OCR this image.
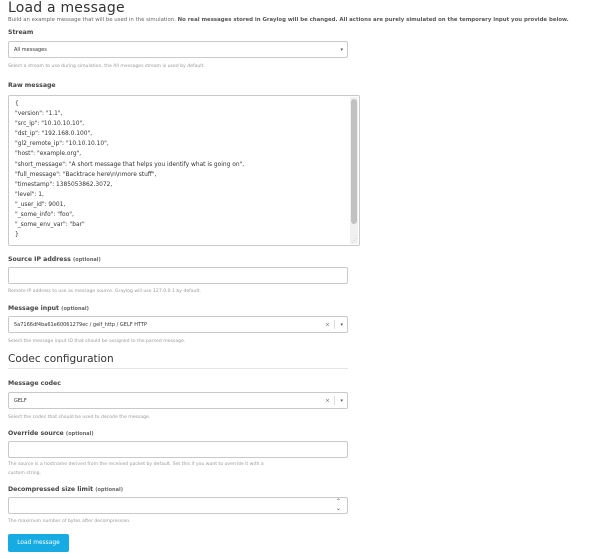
Load a message
Build an example message that will be used in the simulation. No real messages stored in Graylog will be changed. All actions are purely simulated on the temporary input you provide below.
Stream
All messages	▾
Select a stream to use during simulation, the All messages stream is used by default.
Raw message
{
"version": "1.1",
"src_ip": "10.10.10.10",
"dst_ip": "192.168.0.100",
"gl2_remote_ip": "10.10.10.10",
"host": "example.org",
"short_message": "A short message that helps you identify what is going on",
"full_message": "Backtrace here\n\nmore stuff",
"timestamp": 1385053862.3072,
"level": 1,
"_user_id": 9001,
"_some_info": "foo",
"_some_env_var": "bar"
}
⋰
Source IP address (optional)
Remote IP address to use as message source. Graylog will use 127.0.0.1 by default.
Message input (optional)
5a7166df4ba61e60061279ec / gelf_http / GELF HTTP	× ▾
Select the message input ID that should be assigned to the parsed message.
Codec configuration
Message codec
GELF	× ▾
Select the codec that should be used to decode the message.
Override source (optional)
The source is a hostname derived from the received packet by default. Set this if you want to override it with a
custom string.
Decompressed size limit (optional)
⌃
⌄
The maximum number of bytes after decompression.
Load message
